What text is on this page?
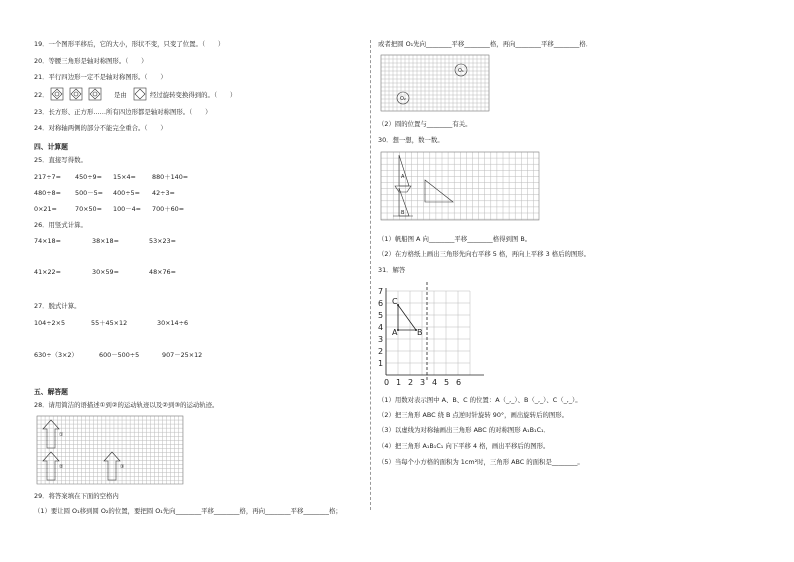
19．一个图形平移后，它的大小，形状不变，只变了位置。（　　）
20．等腰三角形是轴对称图形。（　　）
21．平行四边形一定不是轴对称图形。（　　）
22．	是由	经过旋转变换得到的。（　　）
23．长方形、正方形……所有四边形都是轴对称图形。（　　）
24．对称轴两侧的部分不能完全重合。（　　）
四、计算题
25．直接写得数。
217÷7= 450÷9= 15×4=	880＋140=
480÷8= 500－5= 400÷5= 42÷3=
0×21=	70×50= 100－4= 700＋60=
26．用竖式计算。
74×18=	38×18=	53×23=
41×22=	30×59=	48×76=
27．脱式计算。
104÷2×5	55＋45×12	30×14÷6
630÷（3×2）	600－500÷5	907－25×12
五、解答题
28．请用简洁的语描述①到②的运动轨迹以及②到③的运动轨迹。
①
②	③
29．将答案填在下面的空格内
（1）要让圆 O₁移到圆 O₂的位置，要把圆 O₁先向________平移________格，再向________平移________格；
或者把圆 O₁先向________平移________格，再向________平移________格．
O₁
O₂
（2）圆的位置与________有关。
30．想一想，数一数。
A
B
（1）帆船图 A 向________平移________格得到图 B。
（2）在方格纸上画出三角形先向右平移 5 格，再向上平移 3 格后的图形。
31．解答
C
A B
7
6
5
4
3
2
1
0 1 2 3 4 5 6
（1）用数对表示图中 A、B、C 的位置：A（_,_）、B（_,_）、C（_,_）。
（2）把三角形 ABC 绕 B 点逆时针旋转 90°，画出旋转后的图形。
（3）以虚线为对称轴画出三角形 ABC 的对称图形 A₁B₁C₁．
（4）把三角形 A₁B₁C₁ 向下平移 4 格，画出平移后的图形。
（5）当每个小方格的面积为 1cm²时，三角形 ABC 的面积是________。
